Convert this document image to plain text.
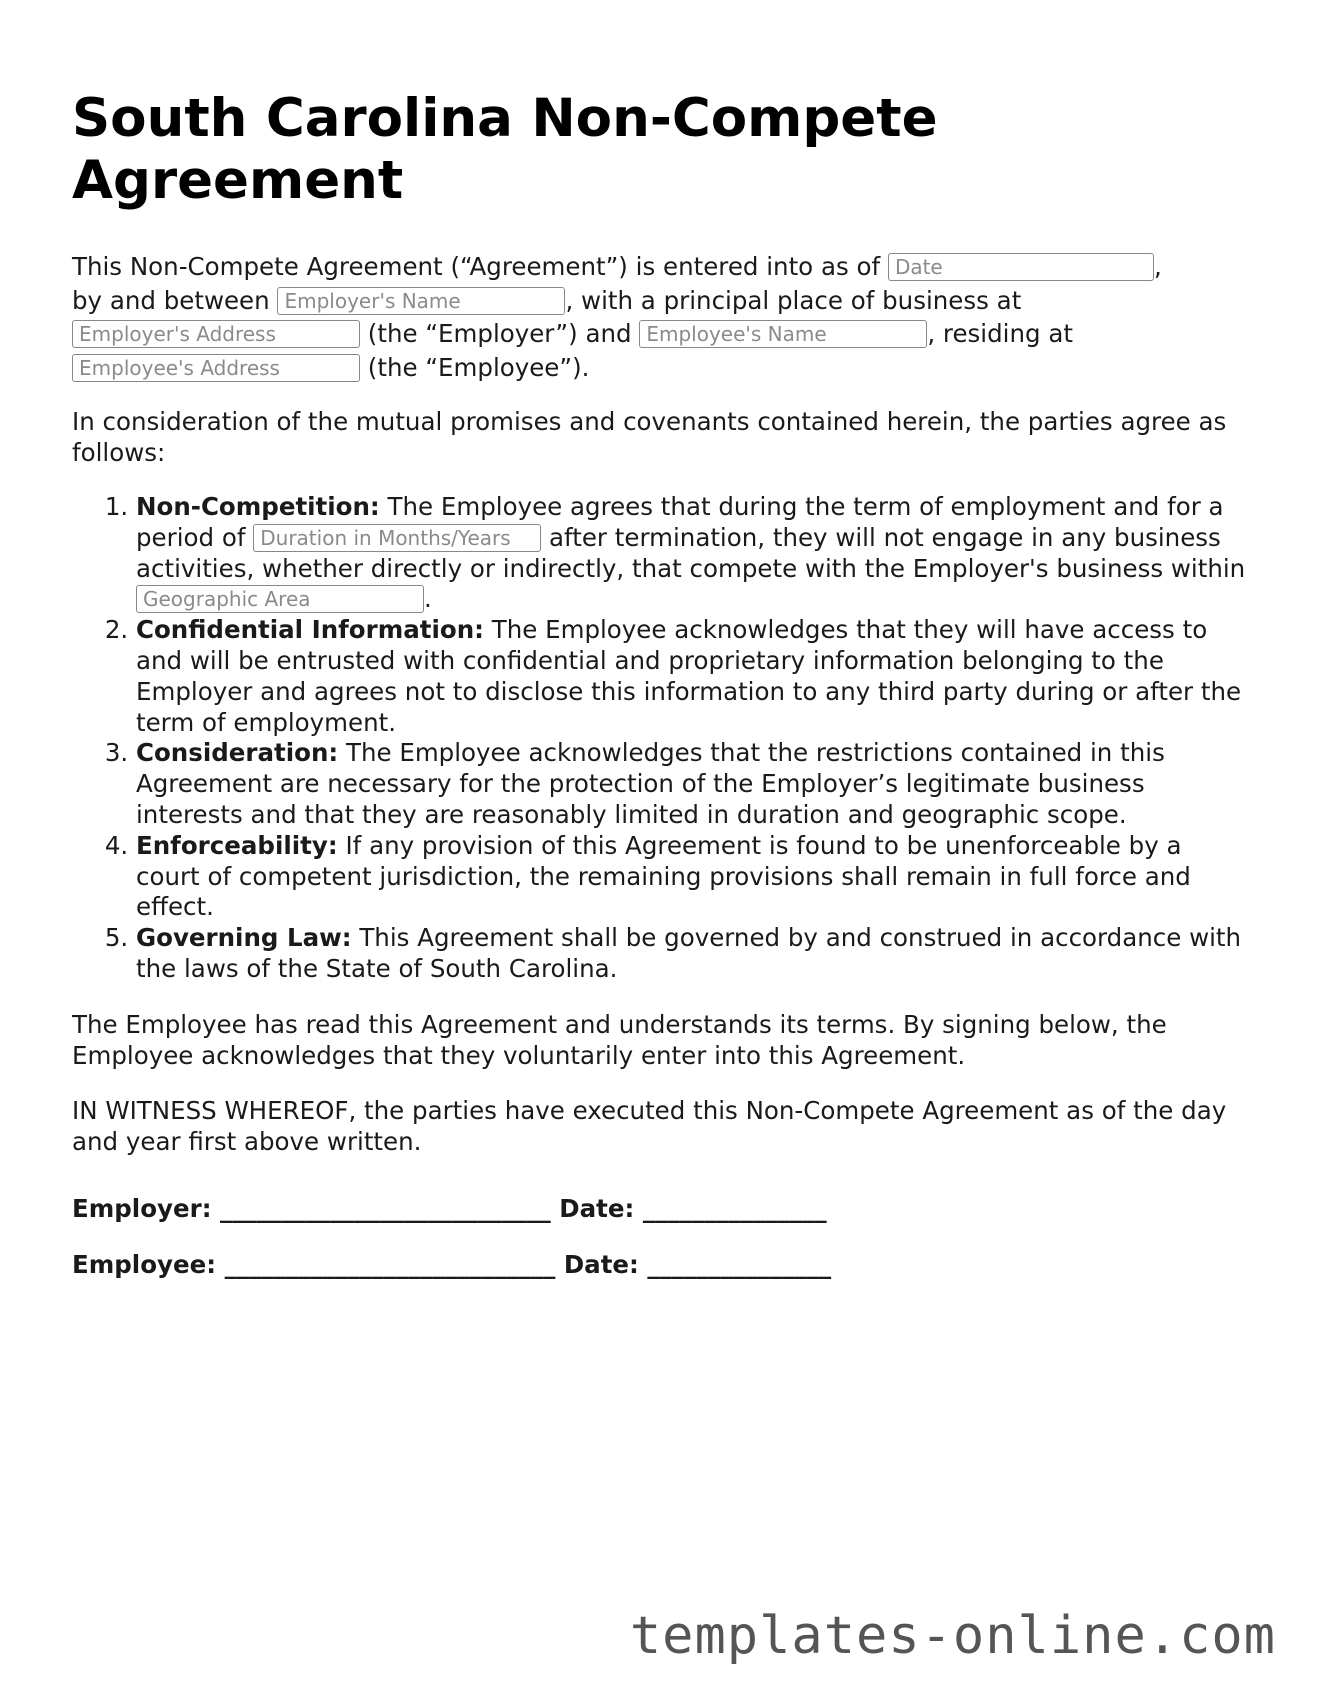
South Carolina Non-Compete Agreement

This Non-Compete Agreement (“Agreement”) is entered into as of Date	,
by and between Employer's Name	, with a principal place of business at
Employer's Address	(the “Employer”) and Employee's Name	, residing at
Employee's Address	(the “Employee”).

In consideration of the mutual promises and covenants contained herein, the parties agree as follows:

1. Non-Competition: The Employee agrees that during the term of employment and for a period of Duration in Months/Years after termination, they will not engage in any business activities, whether directly or indirectly, that compete with the Employer's business within Geographic Area	.
2. Confidential Information: The Employee acknowledges that they will have access to and will be entrusted with confidential and proprietary information belonging to the Employer and agrees not to disclose this information to any third party during or after the term of employment.
3. Consideration: The Employee acknowledges that the restrictions contained in this Agreement are necessary for the protection of the Employer’s legitimate business interests and that they are reasonably limited in duration and geographic scope.
4. Enforceability: If any provision of this Agreement is found to be unenforceable by a court of competent jurisdiction, the remaining provisions shall remain in full force and effect.
5. Governing Law: This Agreement shall be governed by and construed in accordance with the laws of the State of South Carolina.

The Employee has read this Agreement and understands its terms. By signing below, the Employee acknowledges that they voluntarily enter into this Agreement.

IN WITNESS WHEREOF, the parties have executed this Non-Compete Agreement as of the day and year first above written.

Employer: ___________________________ Date: _______________
Employee: ___________________________ Date: _______________
templates-online.com
